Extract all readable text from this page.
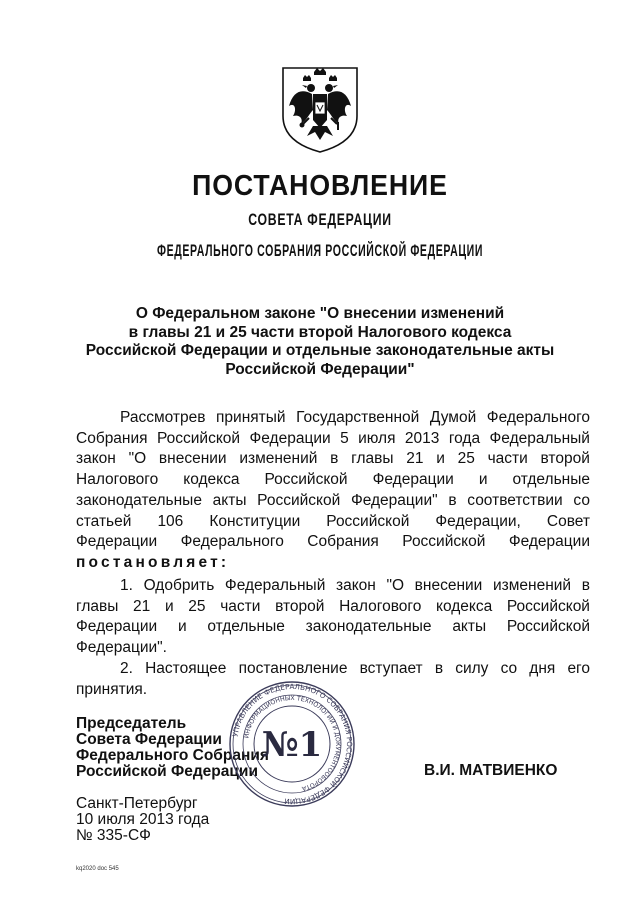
ПОСТАНОВЛЕНИЕ
СОВЕТА ФЕДЕРАЦИИ
ФЕДЕРАЛЬНОГО СОБРАНИЯ РОССИЙСКОЙ ФЕДЕРАЦИИ
О Федеральном законе "О внесении изменений
в главы 21 и 25 части второй Налогового кодекса
Российской Федерации и отдельные законодательные акты
Российской Федерации"
Рассмотрев принятый Государственной Думой Федерального
Собрания Российской Федерации 5 июля 2013 года Федеральный
закон "О внесении изменений в главы 21 и 25 части второй
Налогового кодекса Российской Федерации и отдельные
законодательные акты Российской Федерации" в соответствии со
статьей 106 Конституции Российской Федерации, Совет
Федерации Федерального Собрания Российской Федерации
постановляет:
1. Одобрить Федеральный закон "О внесении изменений в
главы 21 и 25 части второй Налогового кодекса Российской
Федерации и отдельные законодательные акты Российской
Федерации".
2. Настоящее постановление вступает в силу со дня его
принятия.
Председатель
Совета Федерации
Федерального Собрания
Российской Федерации	В.И. МАТВИЕНКО
УПРАВЛЕНИЕ ФЕДЕРАЛЬНОГО СОБРАНИЯ РОССИЙСКОЙ ФЕДЕРАЦИИ
ИНФОРМАЦИОННЫХ ТЕХНОЛОГИЙ И ДОКУМЕНТООБОРОТА
№1
Санкт-Петербург
10 июля 2013 года
№ 335-СФ
kq2020 doc 545
